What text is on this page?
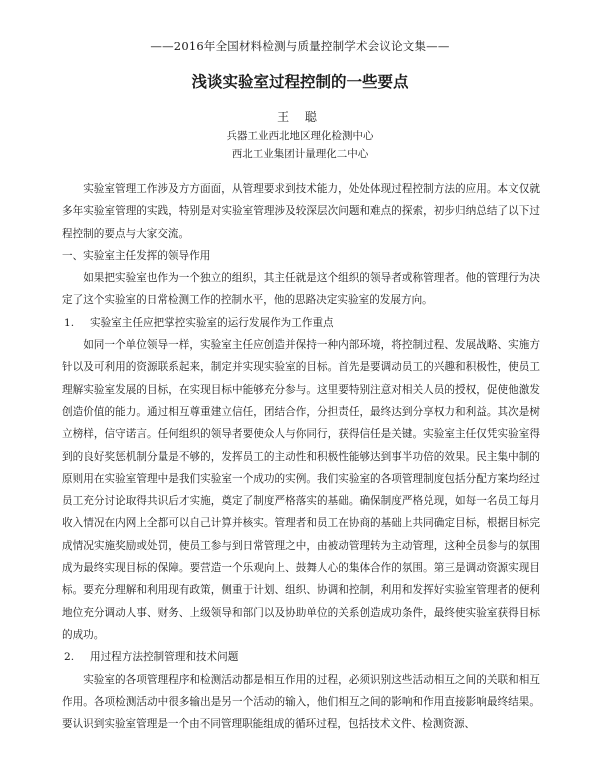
——2016年全国材料检测与质量控制学术会议论文集——
浅谈实验室过程控制的一些要点
王 聪
兵器工业西北地区理化检测中心
西北工业集团计量理化二中心

实验室管理工作涉及方方面面，从管理要求到技术能力，处处体现过程控制方法的应用。本文仅就多年实验室管理的实践，特别是对实验室管理涉及较深层次问题和难点的探索，初步归纳总结了以下过程控制的要点与大家交流。

一、实验室主任发挥的领导作用

如果把实验室也作为一个独立的组织，其主任就是这个组织的领导者或称管理者。他的管理行为决定了这个实验室的日常检测工作的控制水平，他的思路决定实验室的发展方向。

1. 实验室主任应把掌控实验室的运行发展作为工作重点

如同一个单位领导一样，实验室主任应创造并保持一种内部环境，将控制过程、发展战略、实施方针以及可利用的资源联系起来，制定并实现实验室的目标。首先是要调动员工的兴趣和积极性，使员工理解实验室发展的目标，在实现目标中能够充分参与。这里要特别注意对相关人员的授权，促使他激发创造价值的能力。通过相互尊重建立信任，团结合作，分担责任，最终达到分享权力和利益。其次是树立榜样，信守诺言。任何组织的领导者要使众人与你同行，获得信任是关键。实验室主任仅凭实验室得到的良好奖惩机制分量是不够的，发挥员工的主动性和积极性能够达到事半功倍的效果。民主集中制的原则用在实验室管理中是我们实验室一个成功的实例。我们实验室的各项管理制度包括分配方案均经过员工充分讨论取得共识后才实施，奠定了制度严格落实的基础。确保制度严格兑现，如每一名员工每月收入情况在内网上全都可以自己计算并核实。管理者和员工在协商的基础上共同确定目标，根据目标完成情况实施奖励或处罚，使员工参与到日常管理之中，由被动管理转为主动管理，这种全员参与的氛围成为最终实现目标的保障。要营造一个乐观向上、鼓舞人心的集体合作的氛围。第三是调动资源实现目标。要充分理解和利用现有政策，侧重于计划、组织、协调和控制，利用和发挥好实验室管理者的便利地位充分调动人事、财务、上级领导和部门以及协助单位的关系创造成功条件，最终使实验室获得目标的成功。

2. 用过程方法控制管理和技术问题

实验室的各项管理程序和检测活动都是相互作用的过程，必须识别这些活动相互之间的关联和相互作用。各项检测活动中很多输出是另一个活动的输入，他们相互之间的影响和作用直接影响最终结果。要认识到实验室管理是一个由不同管理职能组成的循环过程，包括技术文件、检测资源、
